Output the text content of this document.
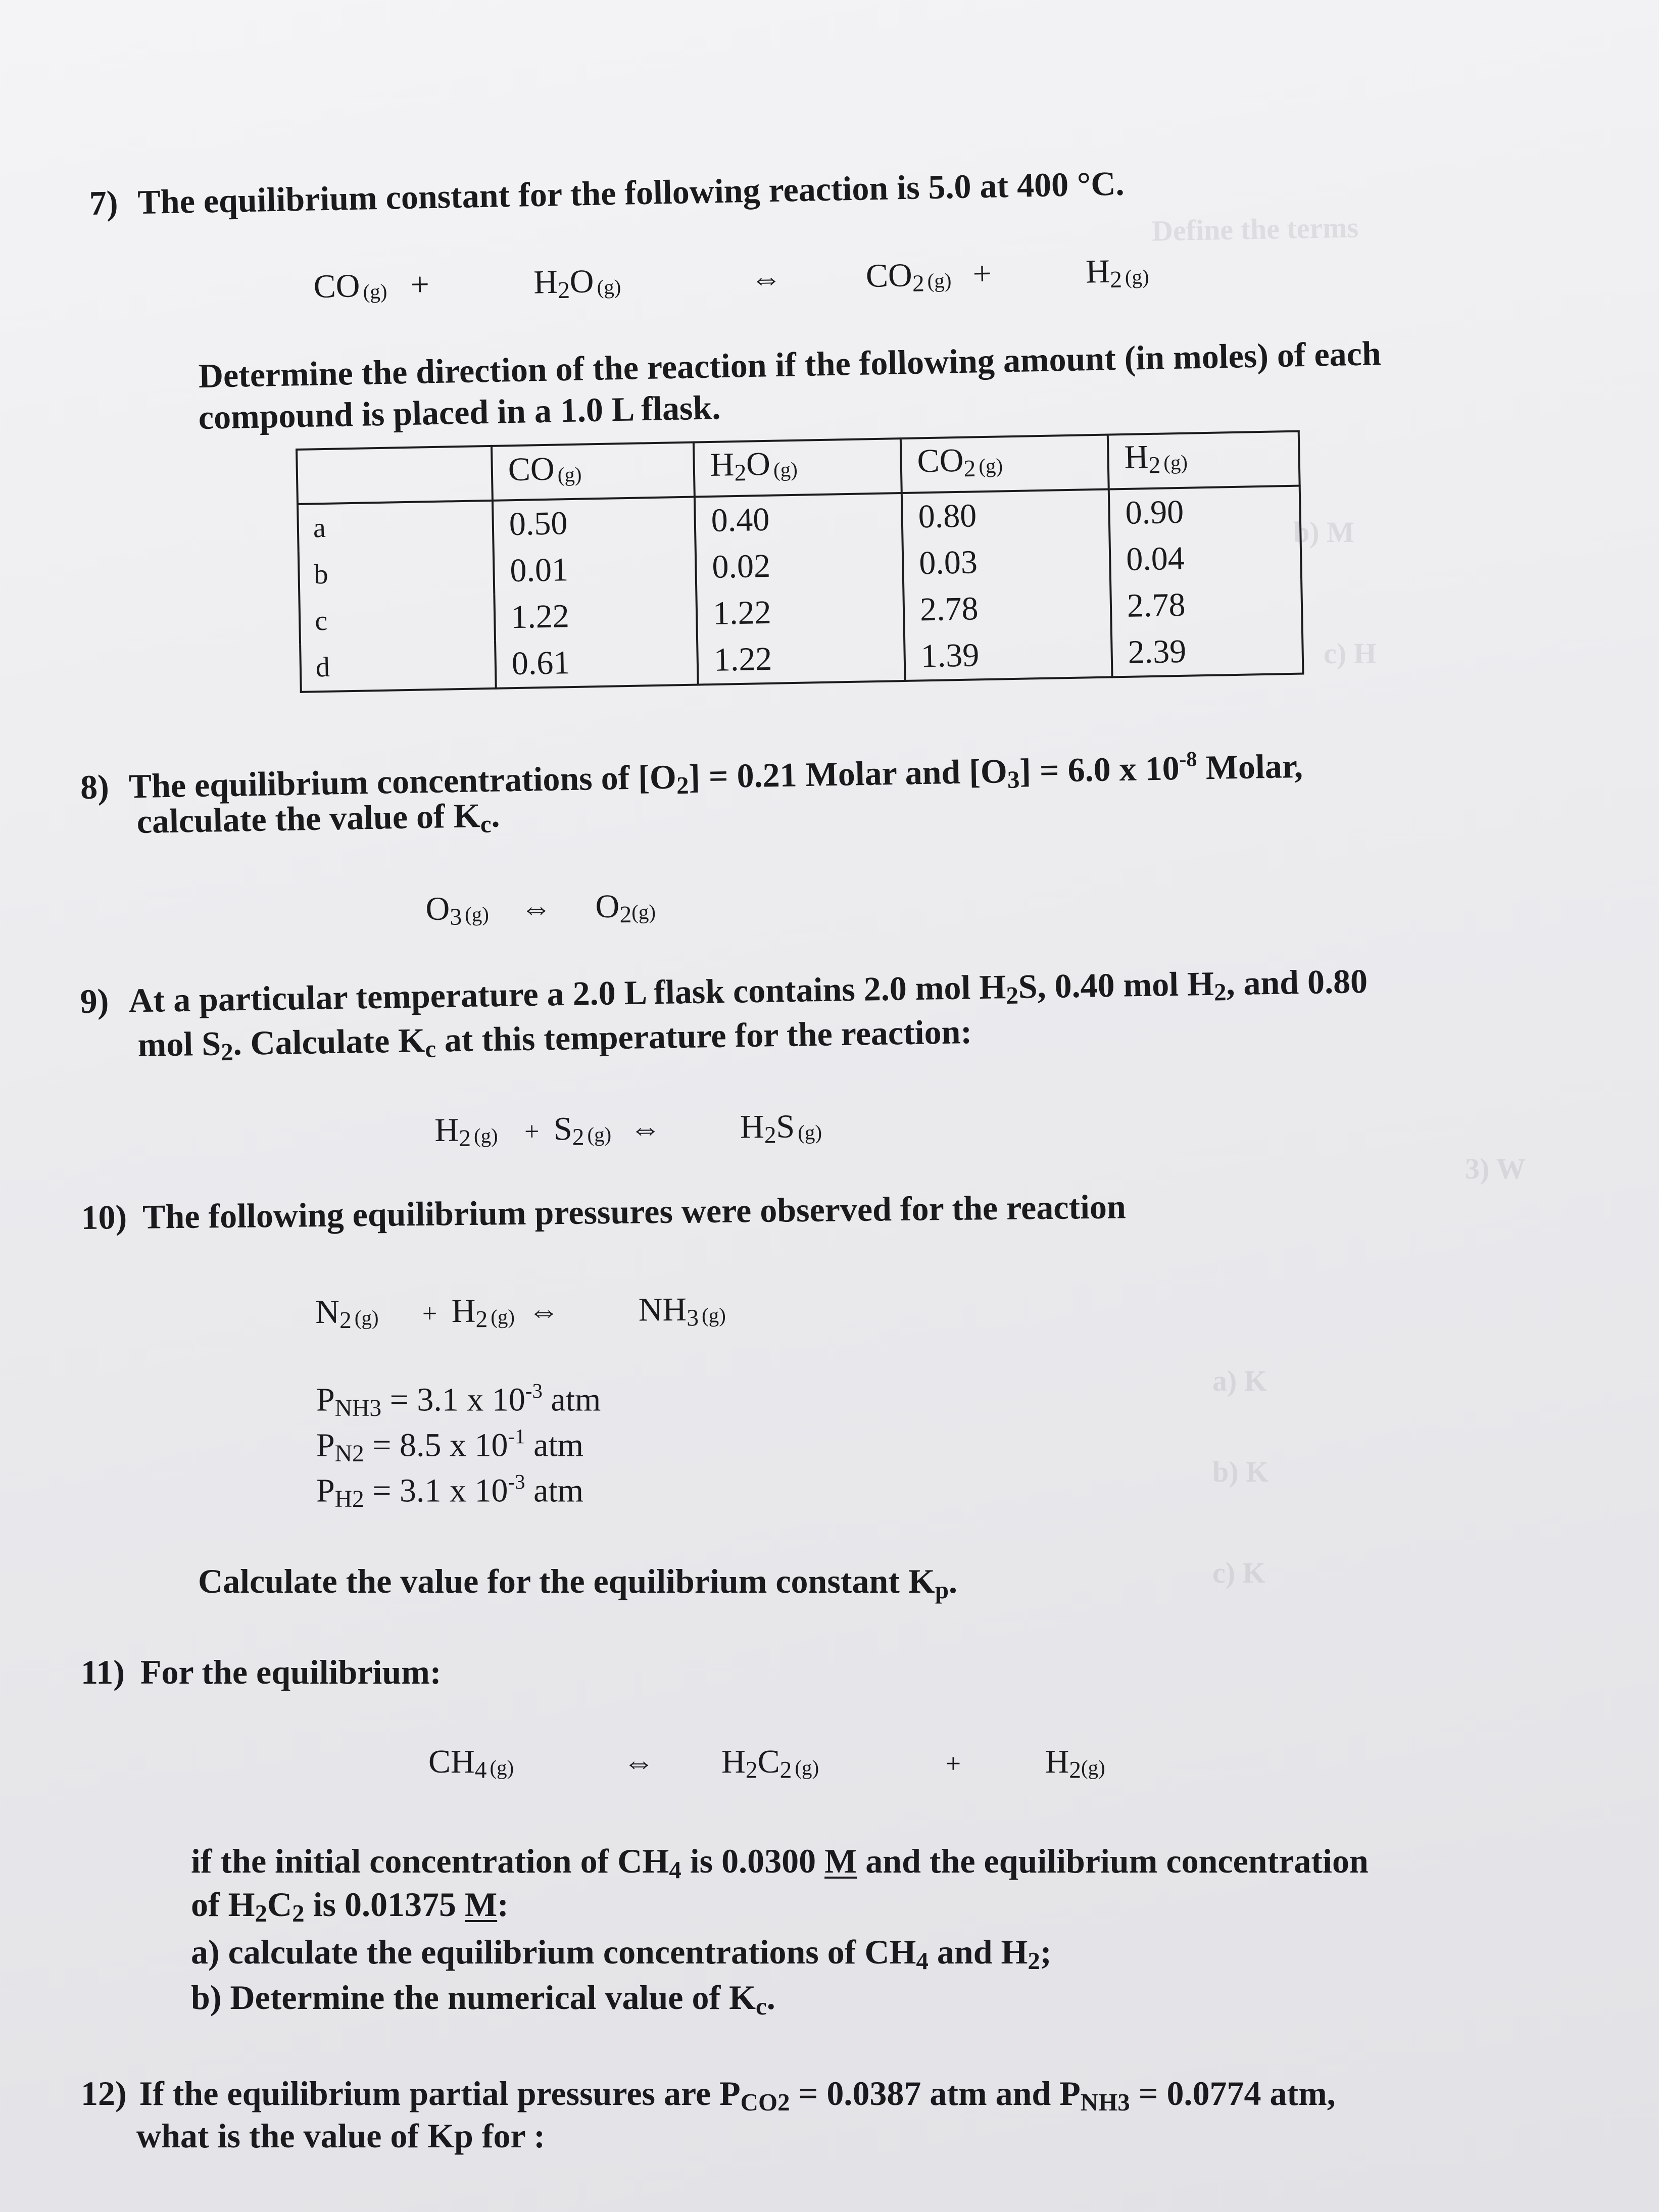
Define the terms
b) M
c) H
3) W
a) K
b) K
c) K
7) The equilibrium constant for the following reaction is 5.0 at 400 °C.
CO (g) +	$H_2O$ (g)	⇔	$CO_2$ (g) +	$H_2$ (g)
Determine the direction of the reaction if the following amount (in moles) of each
compound is placed in a 1.0 L flask.
	CO (g)	$H_2O$ (g)	$CO_2$ (g)	$H_2$ (g)
a	0.50	0.40	0.80	0.90
b	0.01	0.02	0.03	0.04
c	1.22	1.22	2.78	2.78
d	0.61	1.22	1.39	2.39
8) The equilibrium concentrations of $[O_2] = 0.21$ Molar and $[O_3] = 6.0$ x $10^{-8}$ Molar,
calculate the value of $K_c$.
$O_3$ (g) ⇔ $O_2(g)$
9) At a particular temperature a 2.0 L flask contains 2.0 mol $H_2S$, 0.40 mol $H_2$, and 0.80
mol $S_2$. Calculate $K_c$ at this temperature for the reaction:
$H_2$ $(g) + S_2$ (g) ⇔ $H_2S$ (g)
10) The following equilibrium pressures were observed for the reaction
$N_2$ $(g) + H_2$ (g) ⇔ $NH_3$ (g)
$P_{NH3} = 3.1$ x $10^{-3}$ atm
$P_{N2} = 8.5$ x $10^{-1}$ atm
$P_{H2} = 3.1$ x $10^{-3}$ atm
Calculate the value for the equilibrium constant $K_p$.
11) For the equilibrium:
$CH_4$ (g)	⇔ $H_2C_2$ (g)	+	$H_2(g)$
if the initial concentration of $CH_4$ is 0.0300 M and the equilibrium concentration
of $H_2C_2$ is 0.01375 M:
a) calculate the equilibrium concentrations of $CH_4$ and $H_2$;
b) Determine the numerical value of $K_c$.
12) If the equilibrium partial pressures are $P_{CO2} = 0.0387$ atm and $P_{NH3} = 0.0774$ atm,
what is the value of Kp for :
